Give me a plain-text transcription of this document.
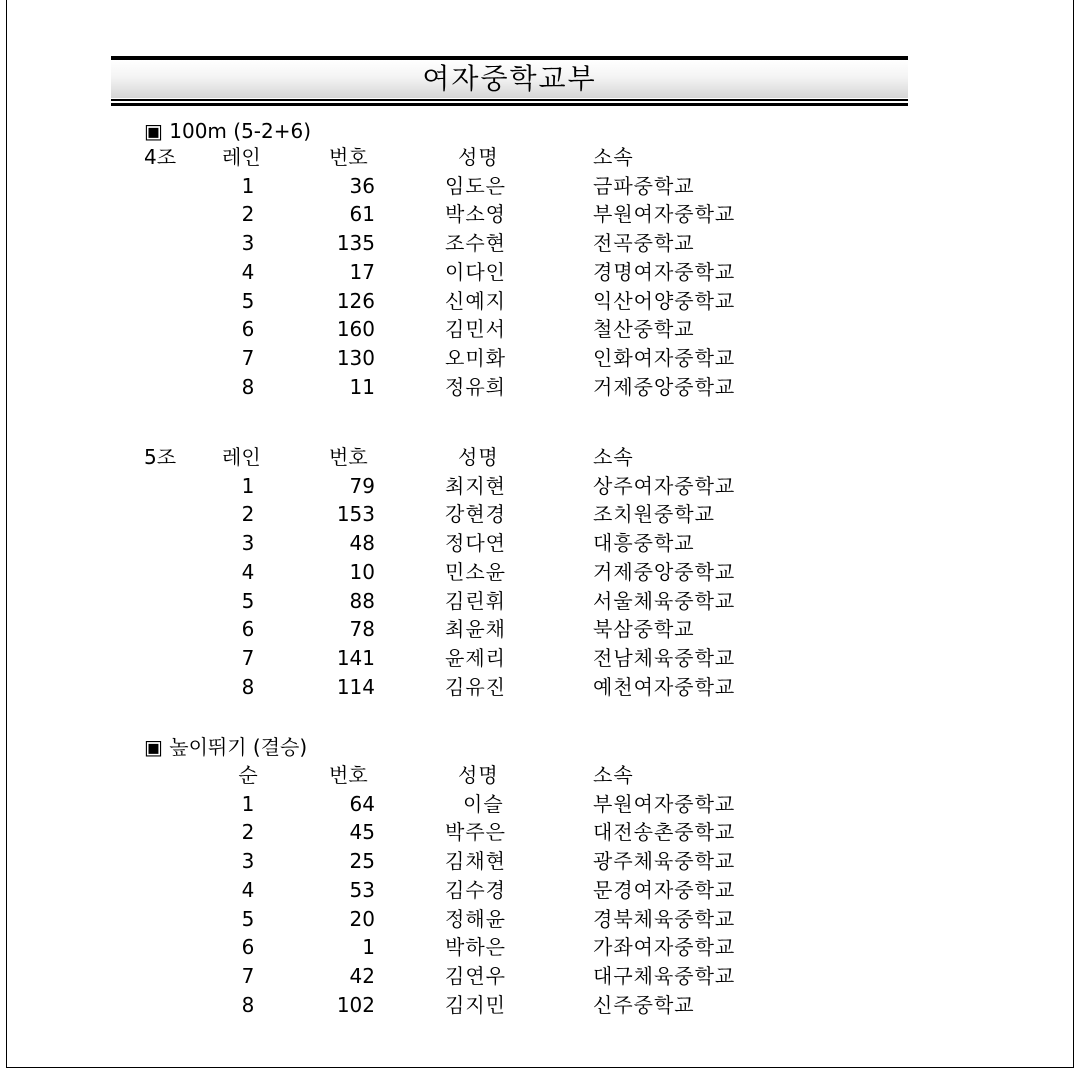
여자중학교부
▣ 100m (5-2+6)
4조 레인	번호	성명	소속
1	36	임도은	금파중학교
2	61	박소영	부원여자중학교
3	135	조수현	전곡중학교
4	17	이다인	경명여자중학교
5	126	신예지	익산어양중학교
6	160	김민서	철산중학교
7	130	오미화	인화여자중학교
8	11	정유희	거제중앙중학교
5조 레인	번호	성명	소속
1	79	최지현	상주여자중학교
2	153	강현경	조치원중학교
3	48	정다연	대흥중학교
4	10	민소윤	거제중앙중학교
5	88	김린휘	서울체육중학교
6	78	최윤채	북삼중학교
7	141	윤제리	전남체육중학교
8	114	김유진	예천여자중학교
▣ 높이뛰기 (결승)
순	번호	성명	소속
1	64	이슬	부원여자중학교
2	45	박주은	대전송촌중학교
3	25	김채현	광주체육중학교
4	53	김수경	문경여자중학교
5	20	정해윤	경북체육중학교
6	1	박하은	가좌여자중학교
7	42	김연우	대구체육중학교
8	102	김지민	신주중학교
